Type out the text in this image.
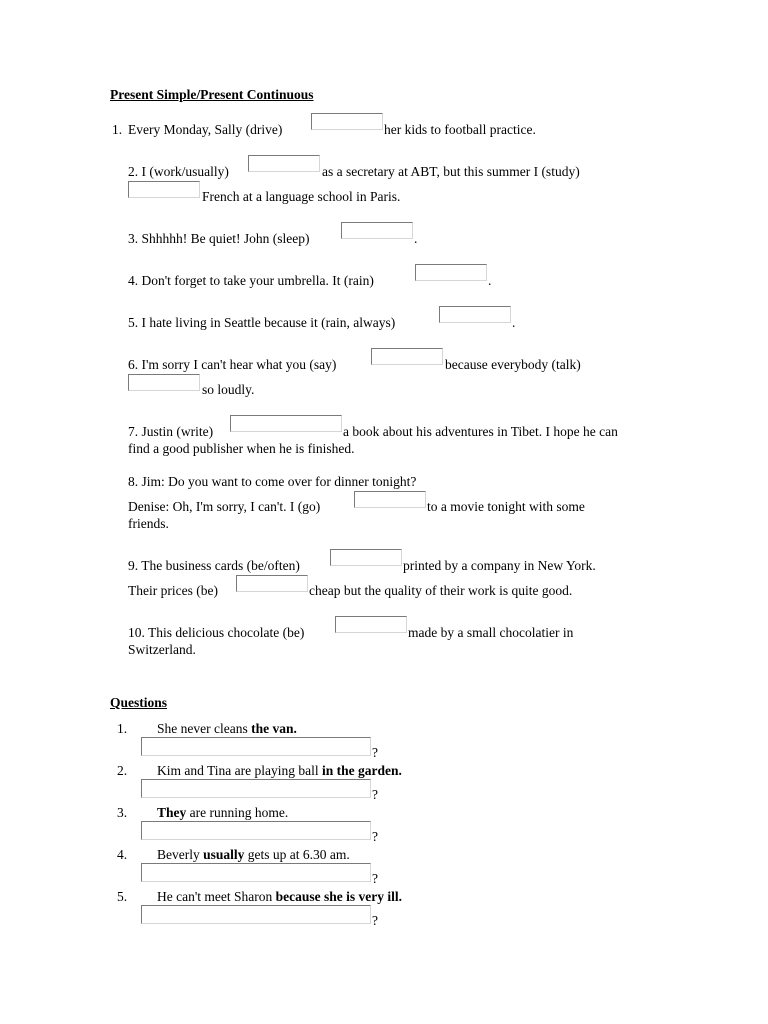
Present Simple/Present Continuous
1. Every Monday, Sally (drive)	her kids to football practice.
2. I (work/usually)	as a secretary at ABT, but this summer I (study)
French at a language school in Paris.
3. Shhhhh! Be quiet! John (sleep)	.
4. Don't forget to take your umbrella. It (rain)	.
5. I hate living in Seattle because it (rain, always)	.
6. I'm sorry I can't hear what you (say)	because everybody (talk)
so loudly.
7. Justin (write)	a book about his adventures in Tibet. I hope he can
find a good publisher when he is finished.
8. Jim: Do you want to come over for dinner tonight?
Denise: Oh, I'm sorry, I can't. I (go)	to a movie tonight with some
friends.
9. The business cards (be/often)	printed by a company in New York.
Their prices (be)	cheap but the quality of their work is quite good.
10. This delicious chocolate (be)	made by a small chocolatier in
Switzerland.
Questions
1. She never cleans the van.
?
2. Kim and Tina are playing ball in the garden.
?
3. They are running home.
?
4. Beverly usually gets up at 6.30 am.
?
5. He can't meet Sharon because she is very ill.
?
